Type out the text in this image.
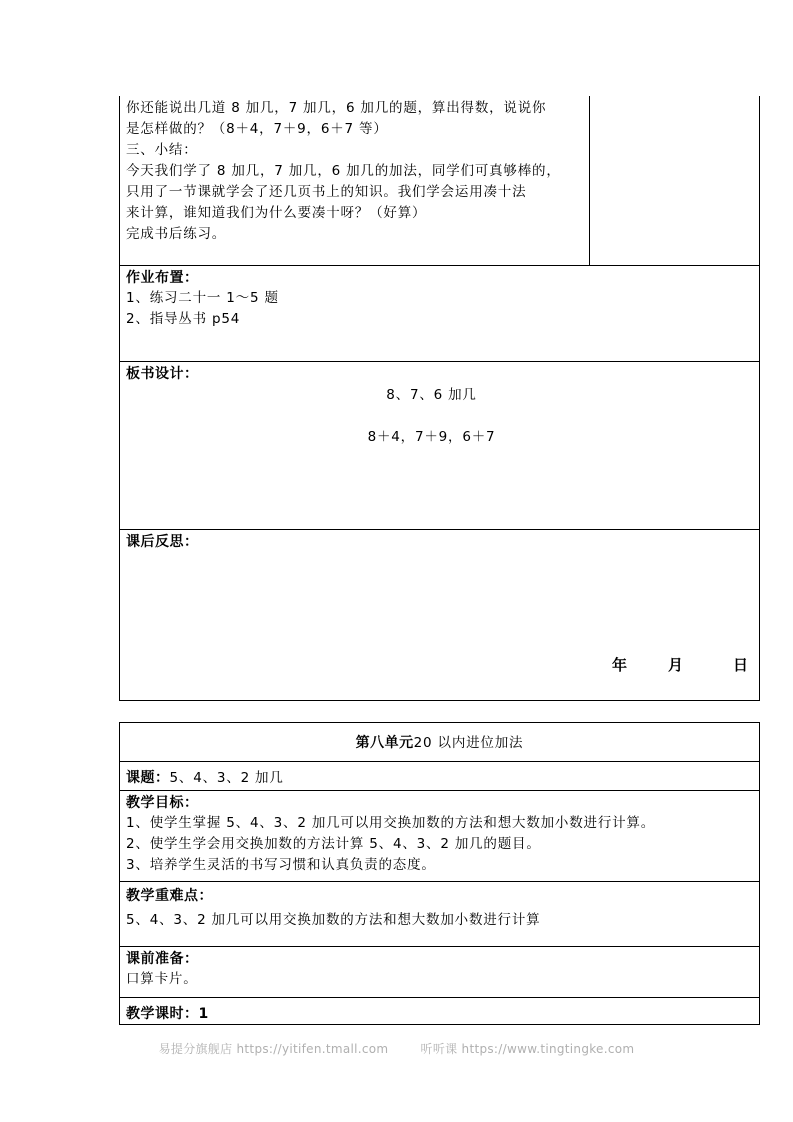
你还能说出几道 8 加几，7 加几，6 加几的题，算出得数，说说你
是怎样做的？（8＋4，7＋9，6＋7 等）
三、小结：
今天我们学了 8 加几，7 加几，6 加几的加法，同学们可真够棒的，
只用了一节课就学会了还几页书上的知识。我们学会运用凑十法
来计算，谁知道我们为什么要凑十呀？（好算）
完成书后练习。
作业布置：
1、练习二十一 1～5 题
2、指导丛书 p54
板书设计：
8、7、6 加几
8＋4，7＋9，6＋7
课后反思：
年	月	日
第八单元20 以内进位加法
课题：5、4、3、2 加几
教学目标：
1、使学生掌握 5、4、3、2 加几可以用交换加数的方法和想大数加小数进行计算。
2、使学生学会用交换加数的方法计算 5、4、3、2 加几的题目。
3、培养学生灵活的书写习惯和认真负责的态度。
教学重难点：
5、4、3、2 加几可以用交换加数的方法和想大数加小数进行计算
课前准备：
口算卡片。
教学课时：1
易提分旗舰店 https://yitifen.tmall.com	听听课 https://www.tingtingke.com
